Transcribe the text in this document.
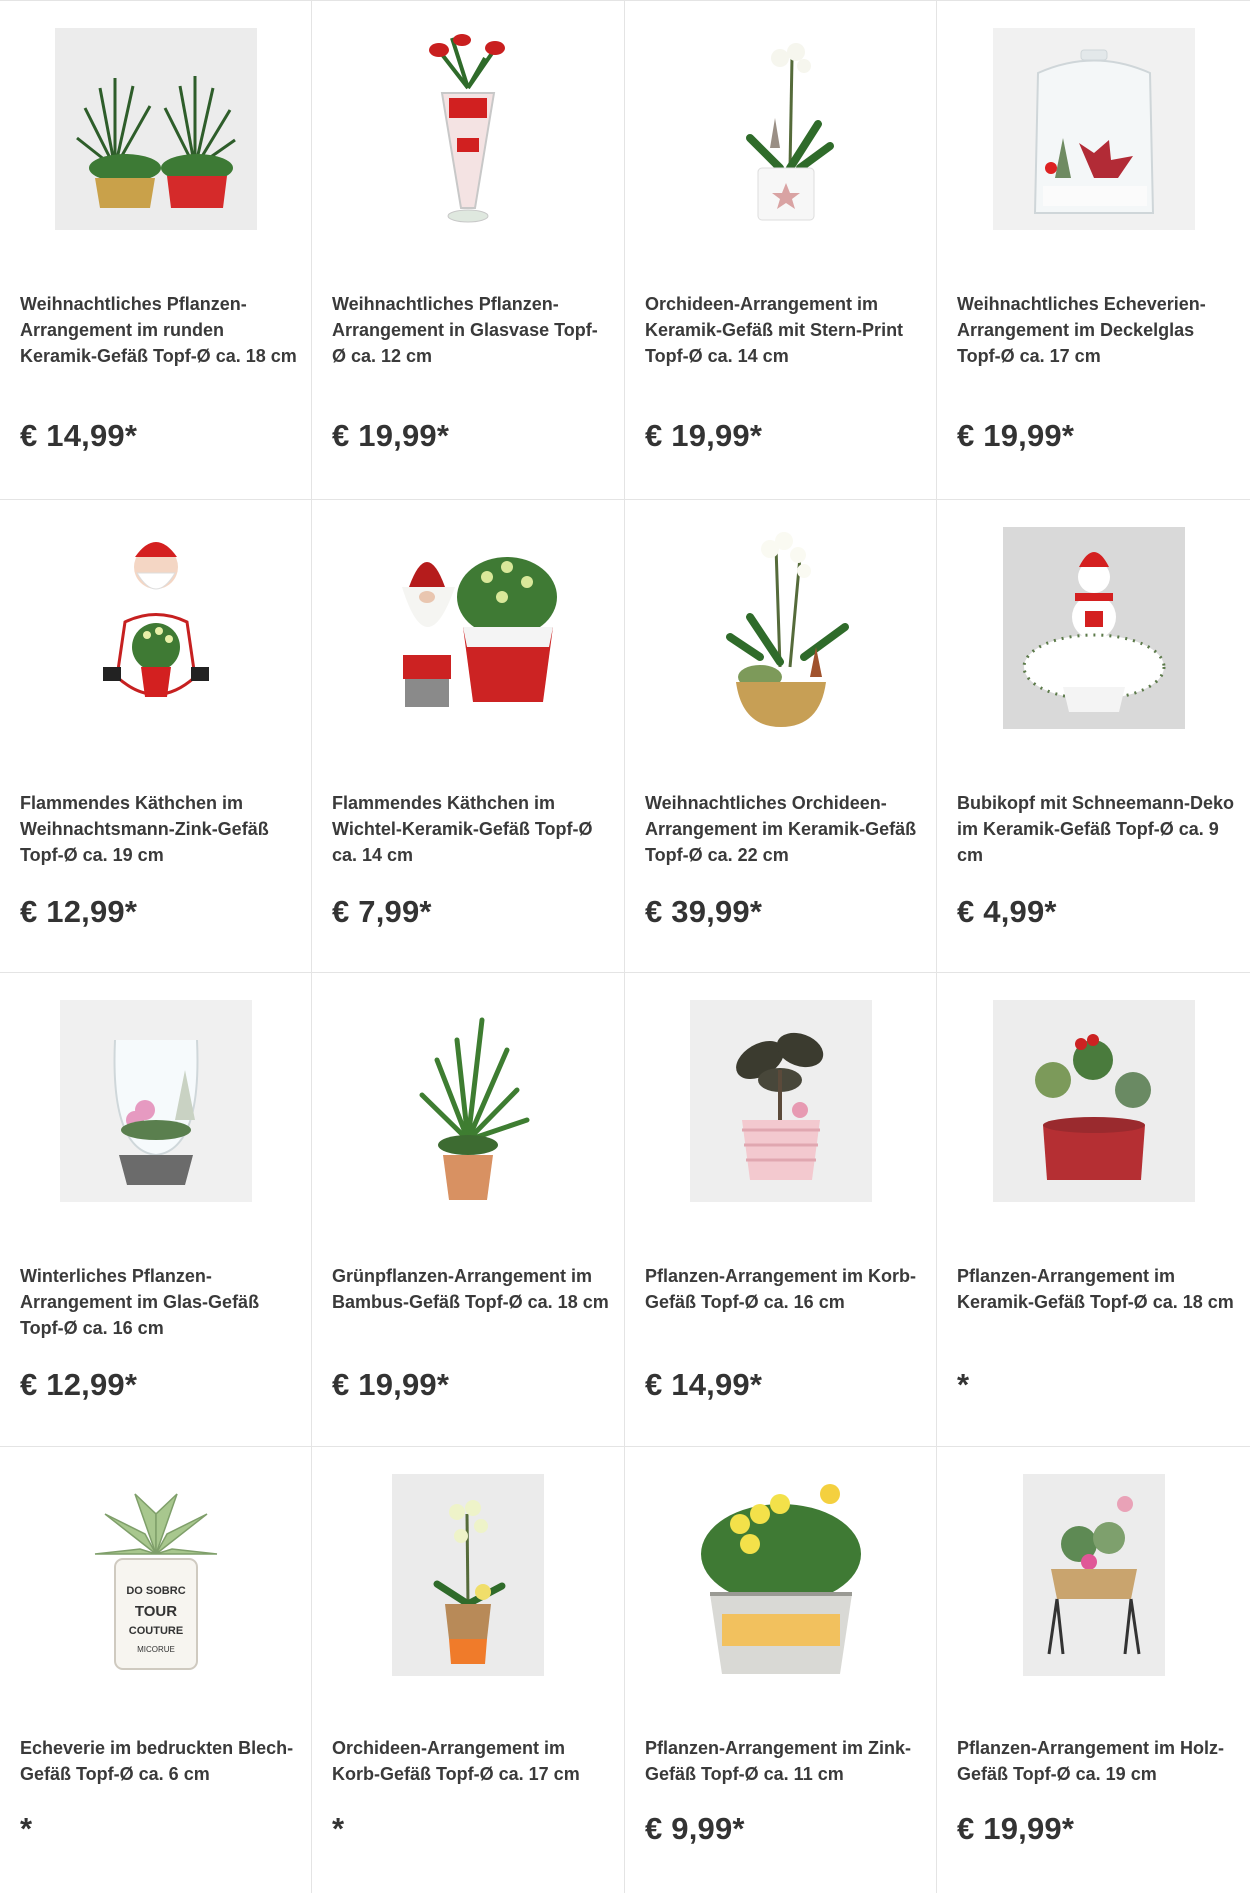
Weihnachtliches Pflanzen-Arrangement im runden Keramik-Gefäß Topf-Ø ca. 18 cm
€ 14,99*
Weihnachtliches Pflanzen-Arrangement in Glasvase Topf-Ø ca. 12 cm
€ 19,99*
Orchideen-Arrangement im Keramik-Gefäß mit Stern-Print Topf-Ø ca. 14 cm
€ 19,99*
Weihnachtliches Echeverien-Arrangement im Deckelglas Topf-Ø ca. 17 cm
€ 19,99*
Flammendes Käthchen im Weihnachtsmann-Zink-Gefäß Topf-Ø ca. 19 cm
€ 12,99*
Flammendes Käthchen im Wichtel-Keramik-Gefäß Topf-Ø ca. 14 cm
€ 7,99*
Weihnachtliches Orchideen-Arrangement im Keramik-Gefäß Topf-Ø ca. 22 cm
€ 39,99*
Bubikopf mit Schneemann-Deko im Keramik-Gefäß Topf-Ø ca. 9 cm
€ 4,99*
Winterliches Pflanzen-Arrangement im Glas-Gefäß Topf-Ø ca. 16 cm
€ 12,99*
Grünpflanzen-Arrangement im Bambus-Gefäß Topf-Ø ca. 18 cm
€ 19,99*
Pflanzen-Arrangement im Korb-Gefäß Topf-Ø ca. 16 cm
€ 14,99*
Pflanzen-Arrangement im Keramik-Gefäß Topf-Ø ca. 18 cm
*
DO SOBRC
TOUR
COUTURE
MICORUE
Echeverie im bedruckten Blech-Gefäß Topf-Ø ca. 6 cm
*
Orchideen-Arrangement im Korb-Gefäß Topf-Ø ca. 17 cm
*
Pflanzen-Arrangement im Zink-Gefäß Topf-Ø ca. 11 cm
€ 9,99*
Pflanzen-Arrangement im Holz-Gefäß Topf-Ø ca. 19 cm
€ 19,99*
